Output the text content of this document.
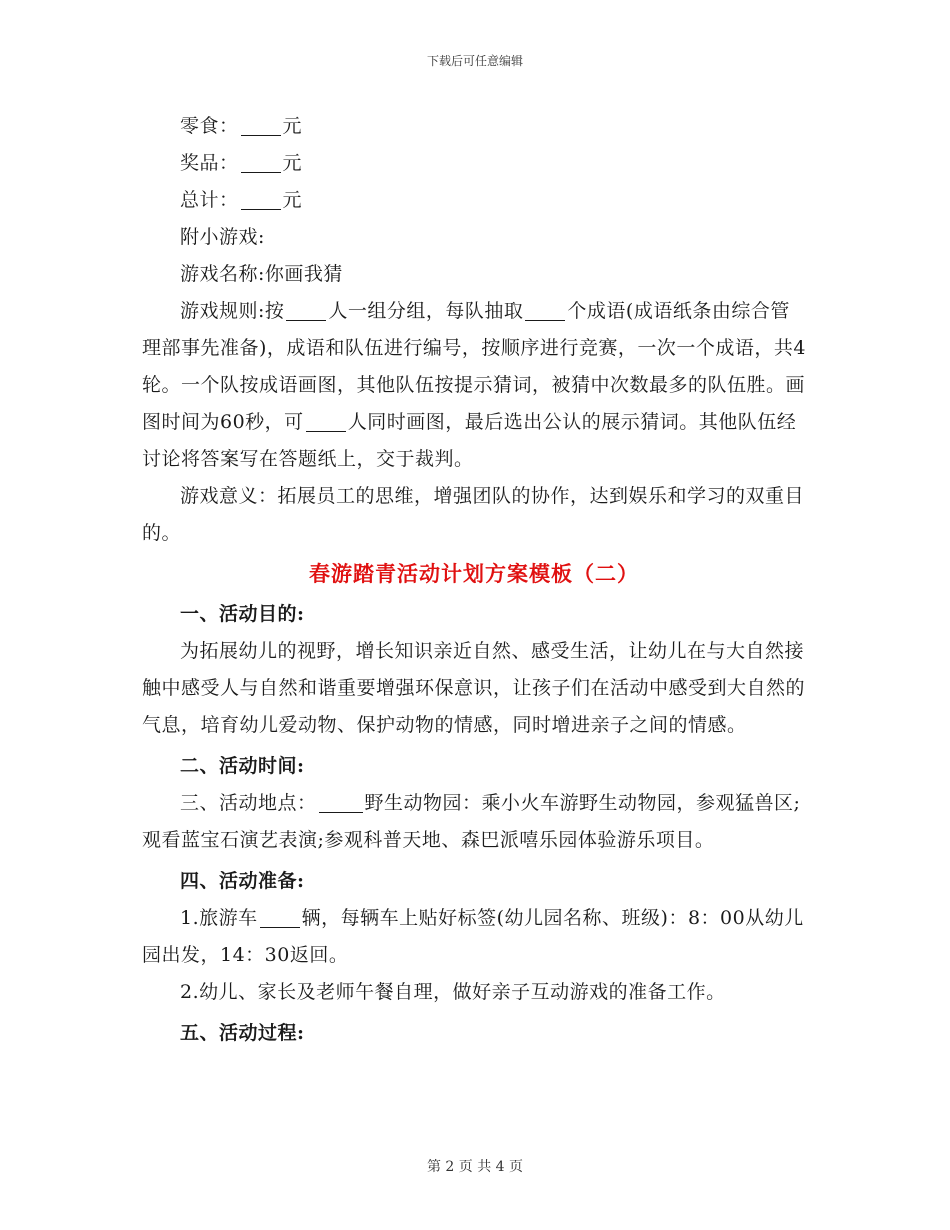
下载后可任意编辑

零食： 元

奖品： 元

总计： 元

附小游戏:

游戏名称:你画我猜

游戏规则:按 人一组分组，每队抽取 个成语(成语纸条由综合管理部事先准备)，成语和队伍进行编号，按顺序进行竞赛，一次一个成语，共4轮。一个队按成语画图，其他队伍按提示猜词，被猜中次数最多的队伍胜。画图时间为60秒，可 人同时画图，最后选出公认的展示猜词。其他队伍经讨论将答案写在答题纸上，交于裁判。

游戏意义：拓展员工的思维，增强团队的协作，达到娱乐和学习的双重目的。

春游踏青活动计划方案模板（二）

一、活动目的:

为拓展幼儿的视野，增长知识亲近自然、感受生活，让幼儿在与大自然接触中感受人与自然和谐重要增强环保意识，让孩子们在活动中感受到大自然的气息，培育幼儿爱动物、保护动物的情感，同时增进亲子之间的情感。

二、活动时间:

三、活动地点：	野生动物园：乘小火车游野生动物园，参观猛兽区;观看蓝宝石演艺表演;参观科普天地、森巴派嘻乐园体验游乐项目。

四、活动准备:

1.旅游车 辆，每辆车上贴好标签(幼儿园名称、班级)：8：00从幼儿园出发，14：30返回。

2.幼儿、家长及老师午餐自理，做好亲子互动游戏的准备工作。

五、活动过程:

第 2 页 共 4 页
